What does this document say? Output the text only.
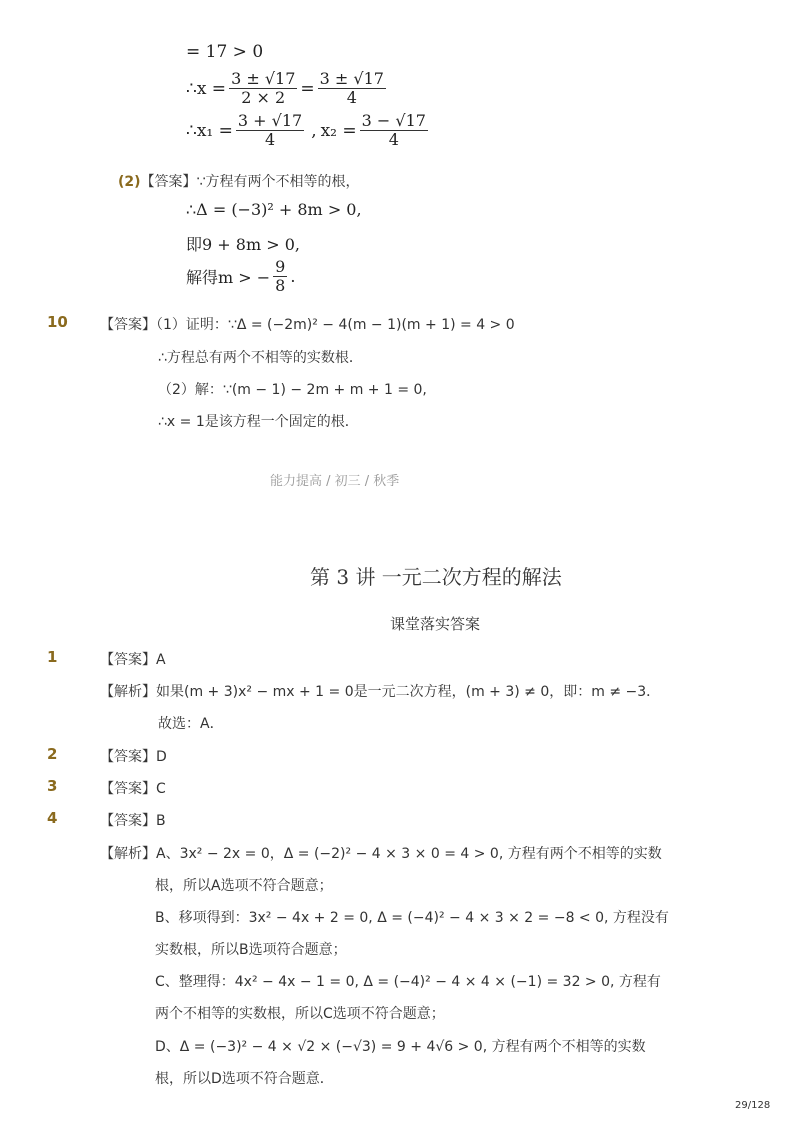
= 17 > 0
∴x = $\frac{3 \pm √17}{2 \times 2} = \frac{3 \pm √17}{4}$
∴x₁ = $\frac{3 + √17}{4}$ , $x_2 = \frac{3 - √17}{4}$
(2)【答案】∵方程有两个不相等的根，
∴Δ = (−3)² + 8m > 0,
即9 + 8m > 0,
解得m > − $\frac{9}{8}$ .
10 【答案】（1）证明：∵Δ = (−2m)² − 4(m − 1)(m + 1) = 4 > 0
∴方程总有两个不相等的实数根．
（2）解：∵(m − 1) − 2m + m + 1 = 0,
∴x = 1是该方程一个固定的根．
能力提高 / 初三 / 秋季
第 3 讲 一元二次方程的解法
课堂落实答案
1	【答案】A
【解析】如果(m + 3)x² − mx + 1 = 0是一元二次方程，(m + 3) ≠ 0，即：m ≠ −3．
故选：A．
2	【答案】D
3	【答案】C
4	【答案】B
【解析】A、3x² − 2x = 0，Δ = (−2)² − 4 × 3 × 0 = 4 > 0, 方程有两个不相等的实数
根，所以A选项不符合题意；
B、移项得到：3x² − 4x + 2 = 0, Δ = (−4)² − 4 × 3 × 2 = −8 < 0, 方程没有
实数根，所以B选项符合题意；
C、整理得：4x² − 4x − 1 = 0, Δ = (−4)² − 4 × 4 × (−1) = 32 > 0, 方程有
两个不相等的实数根，所以C选项不符合题意；
D、Δ = (−3)² − 4 × √2 × (−√3) = 9 + 4√6 > 0, 方程有两个不相等的实数
根，所以D选项不符合题意．
29/128
